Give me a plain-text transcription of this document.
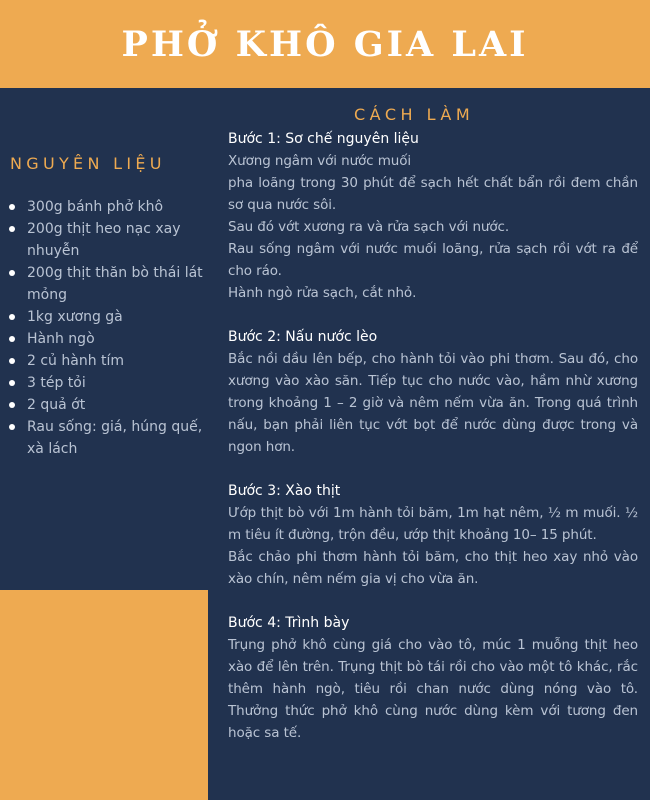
PHỞ KHÔ GIA LAI
NGUYÊN LIỆU
300g bánh phở khô
200g thịt heo nạc xay nhuyễn
200g thịt thăn bò thái lát mỏng
1kg xương gà
Hành ngò
2 củ hành tím
3 tép tỏi
2 quả ớt
Rau sống: giá, húng quế, xà lách
CÁCH LÀM
Bước 1: Sơ chế nguyên liệu
Xương ngâm với nước muối
pha loãng trong 30 phút để sạch hết chất bẩn rồi đem chần sơ qua nước sôi.
Sau đó vớt xương ra và rửa sạch với nước.
Rau sống ngâm với nước muối loãng, rửa sạch rồi vớt ra để cho ráo.
Hành ngò rửa sạch, cắt nhỏ.
Bước 2: Nấu nước lèo
Bắc nồi dầu lên bếp, cho hành tỏi vào phi thơm. Sau đó, cho xương vào xào săn. Tiếp tục cho nước vào, hầm nhừ xương trong khoảng 1 – 2 giờ và nêm nếm vừa ăn. Trong quá trình nấu, bạn phải liên tục vớt bọt để nước dùng được trong và ngon hơn.
Bước 3: Xào thịt
Ướp thịt bò với 1m hành tỏi băm, 1m hạt nêm, ½ m muối. ½ m tiêu ít đường, trộn đều, ướp thịt khoảng 10– 15 phút.
Bắc chảo phi thơm hành tỏi băm, cho thịt heo xay nhỏ vào xào chín, nêm nếm gia vị cho vừa ăn.
Bước 4: Trình bày
Trụng phở khô cùng giá cho vào tô, múc 1 muỗng thịt heo xào để lên trên. Trụng thịt bò tái rồi cho vào một tô khác, rắc thêm hành ngò, tiêu rồi chan nước dùng nóng vào tô. Thưởng thức phở khô cùng nước dùng kèm với tương đen hoặc sa tế.
